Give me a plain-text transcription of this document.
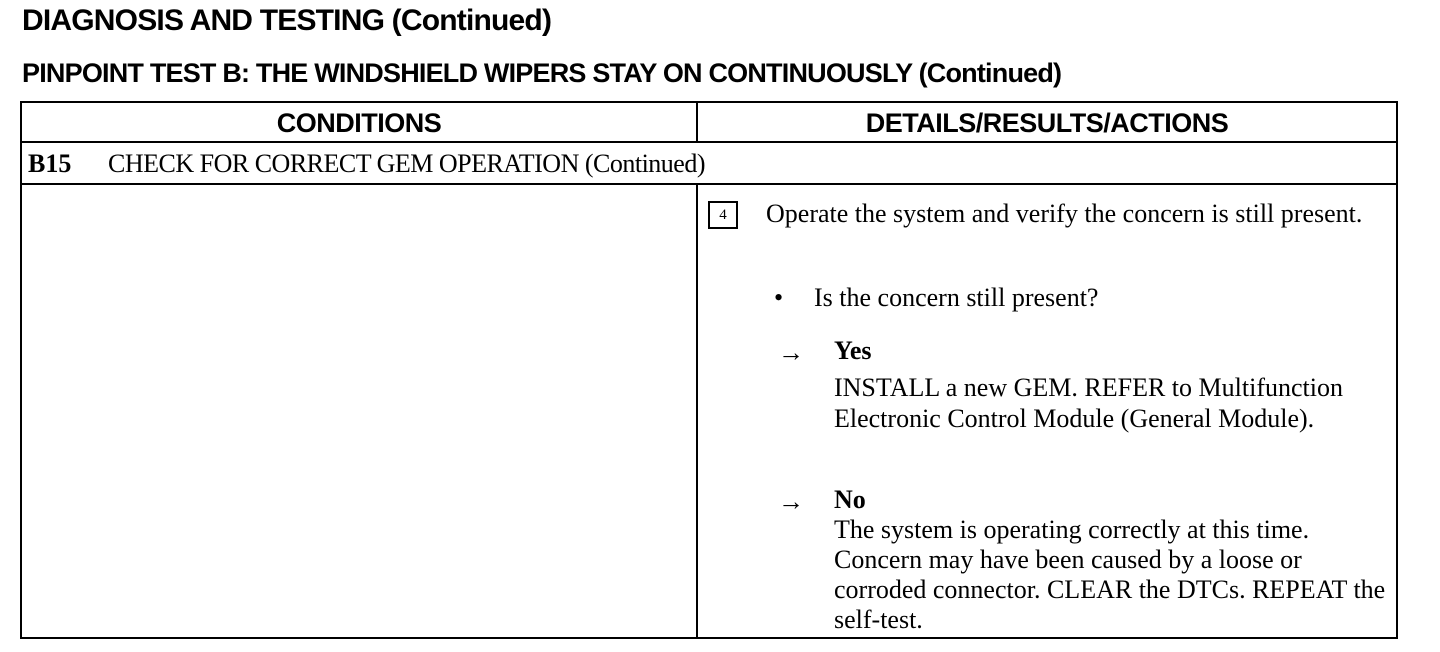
DIAGNOSIS AND TESTING (Continued)
PINPOINT TEST B: THE WINDSHIELD WIPERS STAY ON CONTINUOUSLY (Continued)
CONDITIONS	DETAILS/RESULTS/ACTIONS
B15 CHECK FOR CORRECT GEM OPERATION (Continued)
4	Operate the system and verify the concern is still present.
• Is the concern still present?
→ Yes
INSTALL a new GEM. REFER to Multifunction Electronic Control Module (General Module).
→ No
The system is operating correctly at this time. Concern may have been caused by a loose or corroded connector. CLEAR the DTCs. REPEAT the self-test.
